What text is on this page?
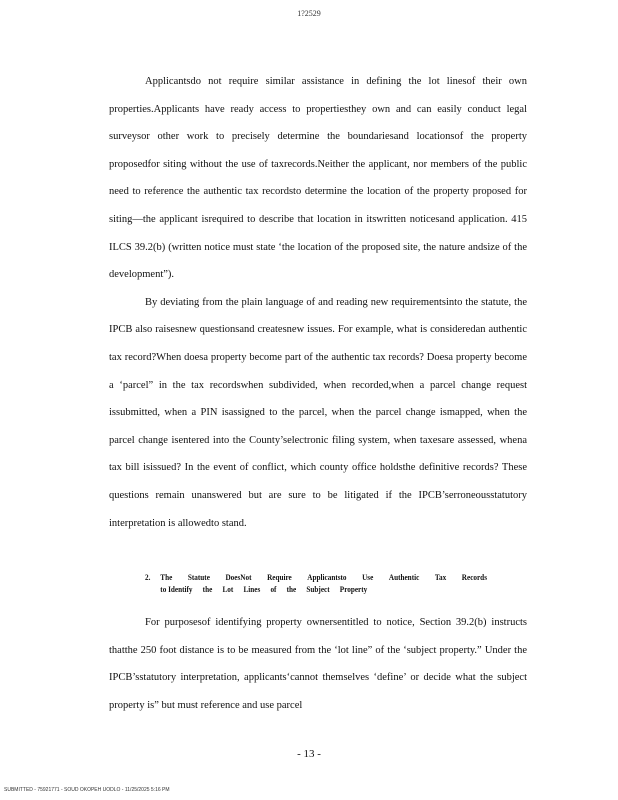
1?2529

Applicantsdo not require similar assistance in defining the lot linesof their own properties.Applicants have ready access to propertiesthey own and can easily conduct legal surveysor other work to precisely determine the boundariesand locationsof the property proposedfor siting without the use of taxrecords.Neither the applicant, nor members of the public need to reference the authentic tax recordsto determine the location of the property proposed for siting—the applicant isrequired to describe that location in itswritten noticesand application. 415 ILCS 39.2(b) (written notice must state ‘the location of the proposed site, the nature andsize of the development”).

By deviating from the plain language of and reading new requirementsinto the statute, the IPCB also raisesnew questionsand createsnew issues. For example, what is consideredan authentic tax record?When doesa property become part of the authentic tax records? Doesa property become a ‘parcel” in the tax recordswhen subdivided, when recorded,when a parcel change request issubmitted, when a PIN isassigned to the parcel, when the parcel change ismapped, when the parcel change isentered into the County’selectronic filing system, when taxesare assessed, whena tax bill isissued? In the event of conflict, which county office holdsthe definitive records? These questions remain unanswered but are sure to be litigated if the IPCB’serroneousstatutory interpretation is allowedto stand.

2.	The Statute DoesNot Require Applicantsto Use Authentic Tax Records
to Identify the Lot Lines of the Subject Property

For purposesof identifying property ownersentitled to notice, Section 39.2(b) instructs thatthe 250 foot distance is to be measured from the ‘lot line” of the ‘subject property.” Under the IPCB’sstatutory interpretation, applicants‘cannot themselves ‘define’ or decide what the subject property is” but must reference and use parcel

- 13 -
SUBMITTED - 75921771 - SOUD OKOPEH UODLO - 11/25/2025 5:16 PM
